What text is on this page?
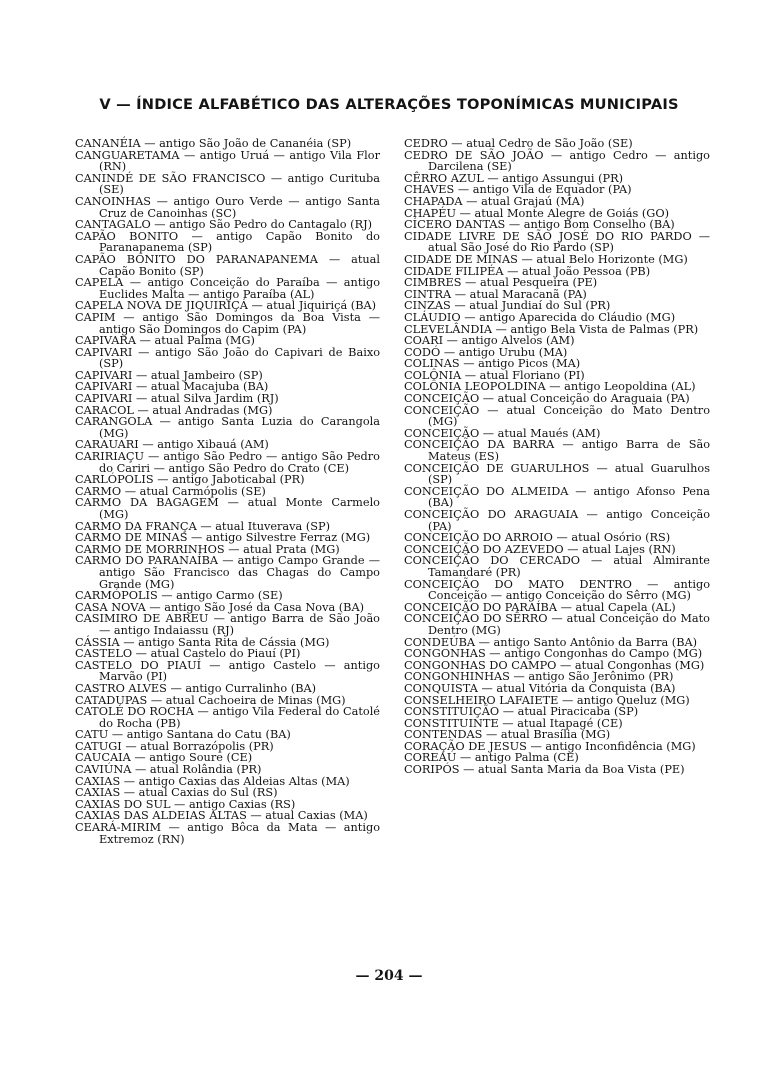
V — ÍNDICE ALFABÉTICO DAS ALTERAÇÕES TOPONÍMICAS MUNICIPAIS

CANANÉIA — antigo São João de Cananéia (SP)

CANGUARETAMA — antigo Uruá — antigo Vila Flor (RN)

CANINDÉ DE SÃO FRANCISCO — antigo Curituba (SE)

CANOINHAS — antigo Ouro Verde — antigo Santa Cruz de Canoinhas (SC)

CANTAGALO — antigo São Pedro do Cantagalo (RJ)

CAPÃO BONITO — antigo Capão Bonito do Paranapanema (SP)

CAPÃO BONITO DO PARANAPANEMA — atual Capão Bonito (SP)

CAPELA — antigo Conceição do Paraíba — antigo Euclides Malta — antigo Paraíba (AL)

CAPELA NOVA DE JIQUIRIÇÁ — atual Jiquiriçá (BA)

CAPIM — antigo São Domingos da Boa Vista — antigo São Domingos do Capim (PA)

CAPIVARA — atual Palma (MG)

CAPIVARI — antigo São João do Capivari de Baixo (SP)

CAPIVARI — atual Jambeiro (SP)

CAPIVARI — atual Macajuba (BA)

CAPIVARI — atual Silva Jardim (RJ)

CARACOL — atual Andradas (MG)

CARANGOLA — antigo Santa Luzia do Carangola (MG)

CARAUARI — antigo Xibauá (AM)

CARIRIAÇU — antigo São Pedro — antigo São Pedro do Cariri — antigo São Pedro do Crato (CE)

CARLÓPOLIS — antigo Jaboticabal (PR)

CARMO — atual Carmópolis (SE)

CARMO DA BAGAGEM — atual Monte Carmelo (MG)

CARMO DA FRANÇA — atual Ituverava (SP)

CARMO DE MINAS — antigo Silvestre Ferraz (MG)

CARMO DE MORRINHOS — atual Prata (MG)

CARMO DO PARANAÍBA — antigo Campo Grande — antigo São Francisco das Chagas do Campo Grande (MG)

CARMÓPOLIS — antigo Carmo (SE)

CASA NOVA — antigo São José da Casa Nova (BA)

CASIMIRO DE ABREU — antigo Barra de São João — antigo Indaiassu (RJ)

CÁSSIA — antigo Santa Rita de Cássia (MG)

CASTELO — atual Castelo do Piauí (PI)

CASTELO DO PIAUÍ — antigo Castelo — antigo Marvão (PI)

CASTRO ALVES — antigo Curralinho (BA)

CATADUPAS — atual Cachoeira de Minas (MG)

CATOLÉ DO ROCHA — antigo Vila Federal do Catolé do Rocha (PB)

CATU — antigo Santana do Catu (BA)

CATUGI — atual Borrazópolis (PR)

CAUCAIA — antigo Soure (CE)

CAVIÚNA — atual Rolândia (PR)

CAXIAS — antigo Caxias das Aldeias Altas (MA)

CAXIAS — atual Caxias do Sul (RS)

CAXIAS DO SUL — antigo Caxias (RS)

CAXIAS DAS ALDEIAS ALTAS — atual Caxias (MA)

CEARÁ-MIRIM — antigo Bôca da Mata — antigo Extremoz (RN)

CEDRO — atual Cedro de São João (SE)

CEDRO DE SÃO JOÃO — antigo Cedro — antigo Darcilena (SE)

CÊRRO AZUL — antigo Assungui (PR)

CHAVES — antigo Vila de Equador (PA)

CHAPADA — atual Grajaú (MA)

CHAPÉU — atual Monte Alegre de Goiás (GO)

CÍCERO DANTAS — antigo Bom Conselho (BA)

CIDADE LIVRE DE SÃO JOSÉ DO RIO PARDO — atual São José do Rio Pardo (SP)

CIDADE DE MINAS — atual Belo Horizonte (MG)

CIDADE FILIPÉA — atual João Pessoa (PB)

CIMBRES — atual Pesqueira (PE)

CINTRA — atual Maracanã (PA)

CINZAS — atual Jundiaí do Sul (PR)

CLÁUDIO — antigo Aparecida do Cláudio (MG)

CLEVELÂNDIA — antigo Bela Vista de Palmas (PR)

COARI — antigo Alvelos (AM)

CODÓ — antigo Urubu (MA)

COLINAS — antigo Picos (MA)

COLÔNIA — atual Floriano (PI)

COLÔNIA LEOPOLDINA — antigo Leopoldina (AL)

CONCEIÇÃO — atual Conceição do Araguaia (PA)

CONCEIÇÃO — atual Conceição do Mato Dentro (MG)

CONCEIÇÃO — atual Maués (AM)

CONCEIÇÃO DA BARRA — antigo Barra de São Mateus (ES)

CONCEIÇÃO DE GUARULHOS — atual Guarulhos (SP)

CONCEIÇÃO DO ALMEIDA — antigo Afonso Pena (BA)

CONCEIÇÃO DO ARAGUAIA — antigo Conceição (PA)

CONCEIÇÃO DO ARROIO — atual Osório (RS)

CONCEIÇÃO DO AZEVEDO — atual Lajes (RN)

CONCEIÇÃO DO CERCADO — atual Almirante Tamandaré (PR)

CONCEIÇÃO DO MATO DENTRO — antigo Conceição — antigo Conceição do Sêrro (MG)

CONCEIÇÃO DO PARAÍBA — atual Capela (AL)

CONCEIÇÃO DO SÊRRO — atual Conceição do Mato Dentro (MG)

CONDEÚBA — antigo Santo Antônio da Barra (BA)

CONGONHAS — antigo Congonhas do Campo (MG)

CONGONHAS DO CAMPO — atual Congonhas (MG)

CONGONHINHAS — antigo São Jerônimo (PR)

CONQUISTA — atual Vitória da Conquista (BA)

CONSELHEIRO LAFAIETE — antigo Queluz (MG)

CONSTITUIÇÃO — atual Piracicaba (SP)

CONSTITUINTE — atual Itapagé (CE)

CONTENDAS — atual Brasília (MG)

CORAÇÃO DE JESUS — antigo Inconfidência (MG)

COREAÚ — antigo Palma (CE)

CORIPÓS — atual Santa Maria da Boa Vista (PE)

— 204 —
